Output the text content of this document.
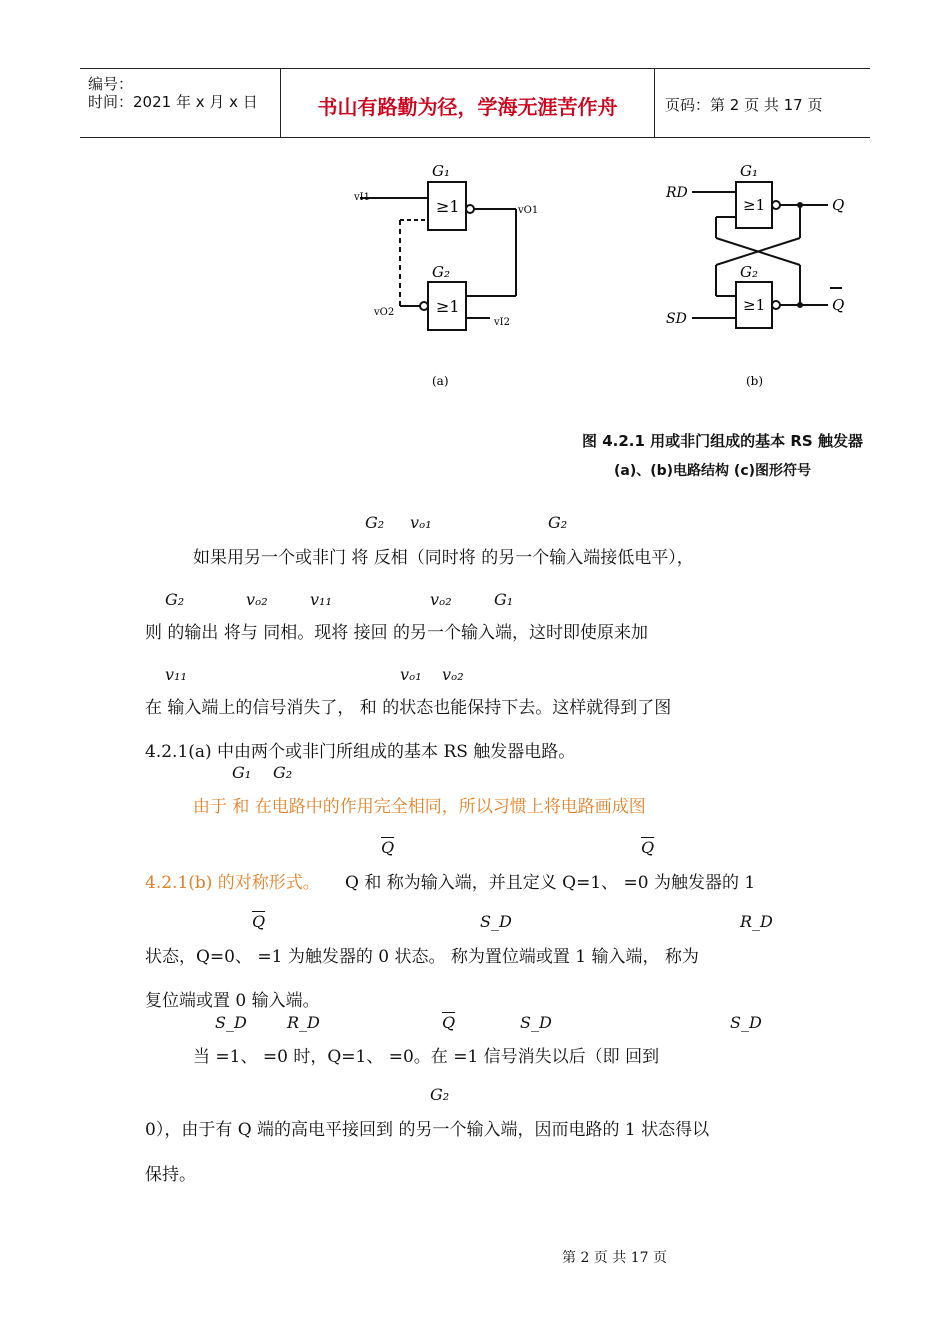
编号：
时间：2021 年 x 月 x 日	书山有路勤为径，学海无涯苦作舟	页码：第 2 页 共 17 页
≥1
≥1
G₁
G₂
vI1
vO1
vO2
vI2
(a)
≥1
≥1
G₁
G₂
RD
SD
Q
Q
(b)
图 4.2.1 用或非门组成的基本 RS 触发器
(a)、(b)电路结构 (c)图形符号
G₂ vₒ₁	G₂
如果用另一个或非门 将 反相（同时将 的另一个输入端接低电平），
G₂	vₒ₂	v₁₁	vₒ₂	G₁
则 的输出 将与 同相。现将 接回 的另一个输入端，这时即使原来加
v₁₁	vₒ₁ vₒ₂
在 输入端上的信号消失了， 和 的状态也能保持下去。这样就得到了图
4.2.1(a) 中由两个或非门所组成的基本 RS 触发器电路。
G₁ G₂
由于 和 在电路中的作用完全相同，所以习惯上将电路画成图
$\overline{Q}$	$\overline{Q}$
4.2.1(b) 的对称形式。 Q 和 称为输入端，并且定义 Q=1、 =0 为触发器的 1
$\overline{Q}$	S_D	R_D
状态，Q=0、 =1 为触发器的 0 状态。 称为置位端或置 1 输入端， 称为
复位端或置 0 输入端。
S_D	R_D	$\overline{Q}$	S_D	S_D
当 =1、 =0 时，Q=1、 =0。在 =1 信号消失以后（即 回到
G₂
0），由于有 Q 端的高电平接回到 的另一个输入端，因而电路的 1 状态得以
保持。
第 2 页 共 17 页
